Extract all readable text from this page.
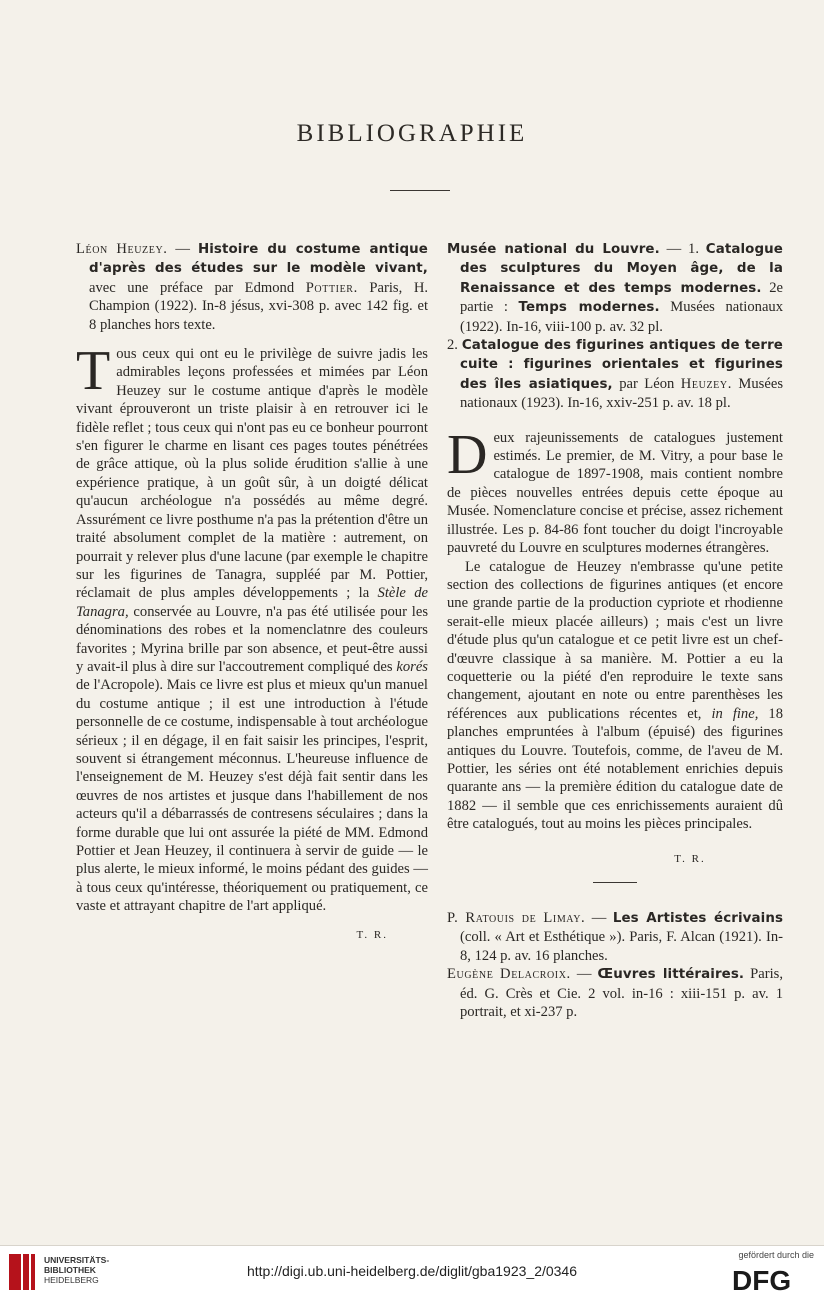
BIBLIOGRAPHIE

Léon Heuzey. — Histoire du costume antique d'après des études sur le modèle vivant, avec une préface par Edmond Pottier. Paris, H. Champion (1922). In-8 jésus, xvi-308 p. avec 142 fig. et 8 planches hors texte.

Tous ceux qui ont eu le privilège de suivre jadis les admirables leçons professées et mimées par Léon Heuzey sur le costume antique d'après le modèle vivant éprouveront un triste plaisir à en retrouver ici le fidèle reflet ; tous ceux qui n'ont pas eu ce bonheur pourront s'en figurer le charme en lisant ces pages toutes pénétrées de grâce attique, où la plus solide érudition s'allie à une expérience pratique, à un goût sûr, à un doigté délicat qu'aucun archéologue n'a possédés au même degré. Assurément ce livre posthume n'a pas la prétention d'être un traité absolument complet de la matière : autrement, on pourrait y relever plus d'une lacune (par exemple le chapitre sur les figurines de Tanagra, suppléé par M. Pottier, réclamait de plus amples développements ; la Stèle de Tanagra, conservée au Louvre, n'a pas été utilisée pour les dénominations des robes et la nomenclatnre des couleurs favorites ; Myrina brille par son absence, et peut-être aussi y avait-il plus à dire sur l'accoutrement compliqué des korés de l'Acropole). Mais ce livre est plus et mieux qu'un manuel du costume antique ; il est une introduction à l'étude personnelle de ce costume, indispensable à tout archéologue sérieux ; il en dégage, il en fait saisir les principes, l'esprit, souvent si étrangement méconnus. L'heureuse influence de l'enseignement de M. Heuzey s'est déjà fait sentir dans les œuvres de nos artistes et jusque dans l'habillement de nos acteurs qu'il a débarrassés de contresens séculaires ; dans la forme durable que lui ont assurée la piété de MM. Edmond Pottier et Jean Heuzey, il continuera à servir de guide — le plus alerte, le mieux informé, le moins pédant des guides — à tous ceux qu'intéresse, théoriquement ou pratiquement, ce vaste et attrayant chapitre de l'art appliqué.

T. R.

Musée national du Louvre. — 1. Catalogue des sculptures du Moyen âge, de la Renaissance et des temps modernes. 2e partie : Temps modernes. Musées nationaux (1922). In-16, viii-100 p. av. 32 pl.

2. Catalogue des figurines antiques de terre cuite : figurines orientales et figurines des îles asiatiques, par Léon Heuzey. Musées nationaux (1923). In-16, xxiv-251 p. av. 18 pl.

Deux rajeunissements de catalogues justement estimés. Le premier, de M. Vitry, a pour base le catalogue de 1897-1908, mais contient nombre de pièces nouvelles entrées depuis cette époque au Musée. Nomenclature concise et précise, assez richement illustrée. Les p. 84-86 font toucher du doigt l'incroyable pauvreté du Louvre en sculptures modernes étrangères.

Le catalogue de Heuzey n'embrasse qu'une petite section des collections de figurines antiques (et encore une grande partie de la production cypriote et rhodienne serait-elle mieux placée ailleurs) ; mais c'est un livre d'étude plus qu'un catalogue et ce petit livre est un chef-d'œuvre classique à sa manière. M. Pottier a eu la coquetterie ou la piété d'en reproduire le texte sans changement, ajoutant en note ou entre parenthèses les références aux publications récentes et, in fine, 18 planches empruntées à l'album (épuisé) des figurines antiques du Louvre. Toutefois, comme, de l'aveu de M. Pottier, les séries ont été notablement enrichies depuis quarante ans — la première édition du catalogue date de 1882 — il semble que ces enrichissements auraient dû être catalogués, tout au moins les pièces principales.

T. R.

P. Ratouis de Limay. — Les Artistes écrivains (coll. « Art et Esthétique »). Paris, F. Alcan (1921). In-8, 124 p. av. 16 planches.

Eugène Delacroix. — Œuvres littéraires. Paris, éd. G. Crès et Cie. 2 vol. in-16 : xiii-151 p. av. 1 portrait, et xi-237 p.

UNIVERSITÄTS-
BIBLIOTHEK
HEIDELBERG
http://digi.ub.uni-heidelberg.de/diglit/gba1923_2/0346
gefördert durch die
DFG
